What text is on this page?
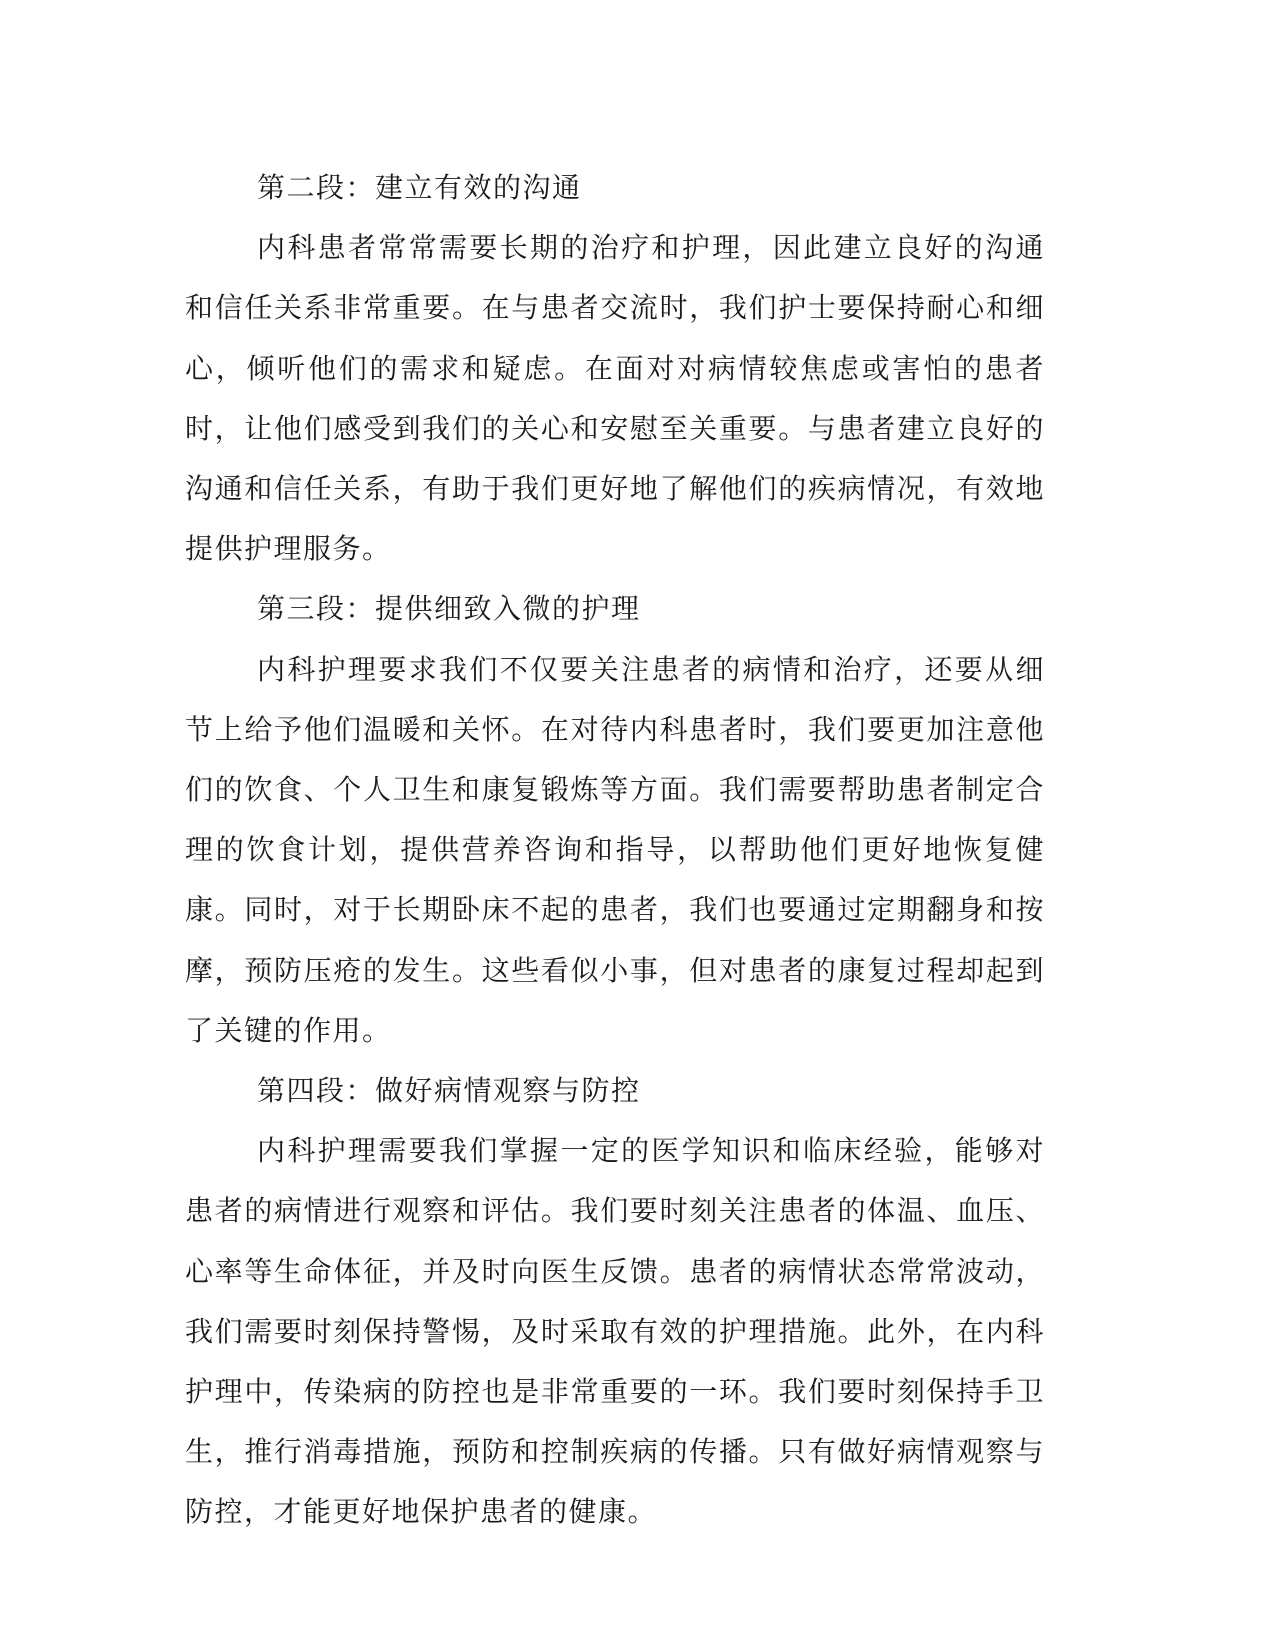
第二段：建立有效的沟通

内科患者常常需要长期的治疗和护理，因此建立良好的沟通和信任关系非常重要。在与患者交流时，我们护士要保持耐心和细心，倾听他们的需求和疑虑。在面对对病情较焦虑或害怕的患者时，让他们感受到我们的关心和安慰至关重要。与患者建立良好的沟通和信任关系，有助于我们更好地了解他们的疾病情况，有效地提供护理服务。

第三段：提供细致入微的护理

内科护理要求我们不仅要关注患者的病情和治疗，还要从细节上给予他们温暖和关怀。在对待内科患者时，我们要更加注意他们的饮食、个人卫生和康复锻炼等方面。我们需要帮助患者制定合理的饮食计划，提供营养咨询和指导，以帮助他们更好地恢复健康。同时，对于长期卧床不起的患者，我们也要通过定期翻身和按摩，预防压疮的发生。这些看似小事，但对患者的康复过程却起到了关键的作用。

第四段：做好病情观察与防控

内科护理需要我们掌握一定的医学知识和临床经验，能够对患者的病情进行观察和评估。我们要时刻关注患者的体温、血压、心率等生命体征，并及时向医生反馈。患者的病情状态常常波动，我们需要时刻保持警惕，及时采取有效的护理措施。此外，在内科护理中，传染病的防控也是非常重要的一环。我们要时刻保持手卫生，推行消毒措施，预防和控制疾病的传播。只有做好病情观察与防控，才能更好地保护患者的健康。
